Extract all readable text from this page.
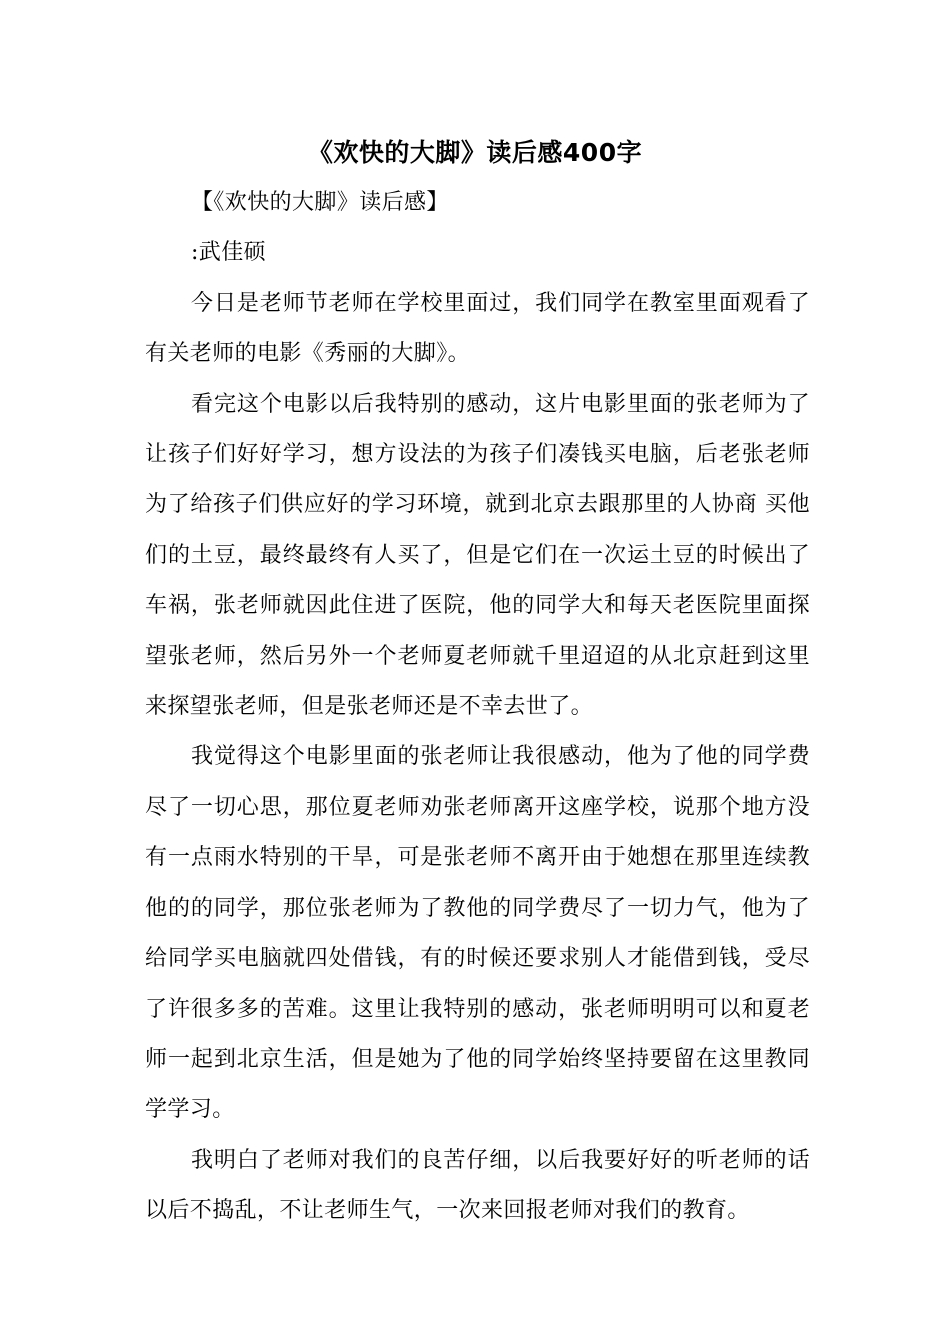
《欢快的大脚》读后感400字

【《欢快的大脚》读后感】

:武佳硕

今日是老师节老师在学校里面过，我们同学在教室里面观看了有关老师的电影《秀丽的大脚》。

看完这个电影以后我特别的感动，这片电影里面的张老师为了让孩子们好好学习，想方设法的为孩子们凑钱买电脑，后老张老师为了给孩子们供应好的学习环境，就到北京去跟那里的人协商 买他们的土豆，最终最终有人买了，但是它们在一次运土豆的时候出了车祸，张老师就因此住进了医院，他的同学大和每天老医院里面探望张老师，然后另外一个老师夏老师就千里迢迢的从北京赶到这里来探望张老师，但是张老师还是不幸去世了。

我觉得这个电影里面的张老师让我很感动，他为了他的同学费尽了一切心思，那位夏老师劝张老师离开这座学校，说那个地方没有一点雨水特别的干旱，可是张老师不离开由于她想在那里连续教他的的同学，那位张老师为了教他的同学费尽了一切力气，他为了给同学买电脑就四处借钱，有的时候还要求别人才能借到钱，受尽了许很多多的苦难。这里让我特别的感动，张老师明明可以和夏老师一起到北京生活，但是她为了他的同学始终坚持要留在这里教同学学习。

我明白了老师对我们的良苦仔细，以后我要好好的听老师的话以后不捣乱，不让老师生气，一次来回报老师对我们的教育。
